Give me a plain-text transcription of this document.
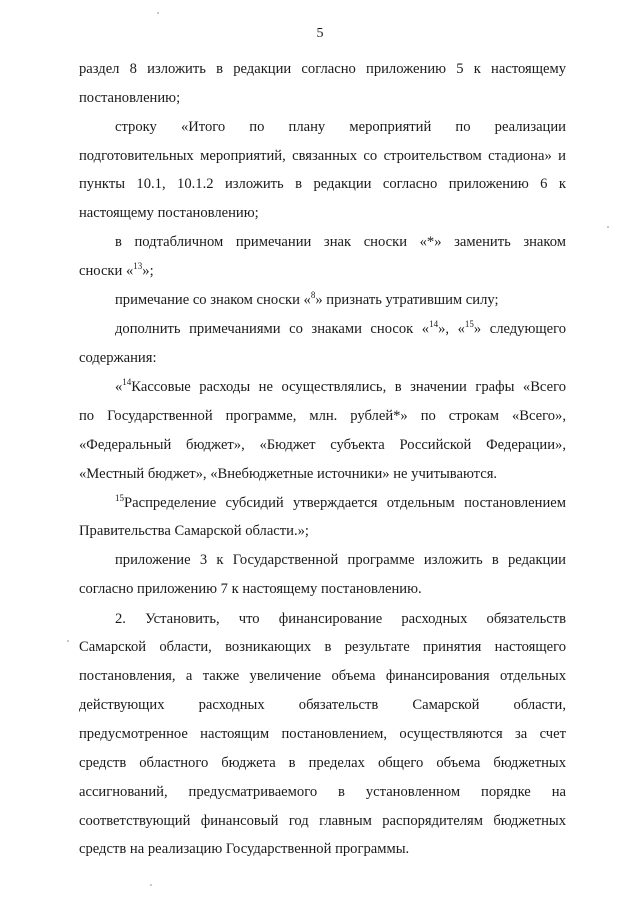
5
раздел 8 изложить в редакции согласно приложению 5 к настоящему
постановлению;
строку «Итого по плану мероприятий по реализации
подготовительных мероприятий, связанных со строительством стадиона» и
пункты 10.1, 10.1.2 изложить в редакции согласно приложению 6 к
настоящему постановлению;
в подтабличном примечании знак сноски «*» заменить знаком
сноски «$^{13}$»;
примечание со знаком сноски «$^8$» признать утратившим силу;
дополнить примечаниями со знаками сносок «$^{14}$», «$^{15}$» следующего
содержания:
«$^{14}$Кассовые расходы не осуществлялись, в значении графы «Всего
по Государственной программе, млн. рублей*» по строкам «Всего»,
«Федеральный бюджет», «Бюджет субъекта Российской Федерации»,
«Местный бюджет», «Внебюджетные источники» не учитываются.
$^{15}$Распределение субсидий утверждается отдельным постановлением
Правительства Самарской области.»;
приложение 3 к Государственной программе изложить в редакции
согласно приложению 7 к настоящему постановлению.
2. Установить, что финансирование расходных обязательств
Самарской области, возникающих в результате принятия настоящего
постановления, а также увеличение объема финансирования отдельных
действующих расходных обязательств Самарской области,
предусмотренное настоящим постановлением, осуществляются за счет
средств областного бюджета в пределах общего объема бюджетных
ассигнований, предусматриваемого в установленном порядке на
соответствующий финансовый год главным распорядителям бюджетных
средств на реализацию Государственной программы.
